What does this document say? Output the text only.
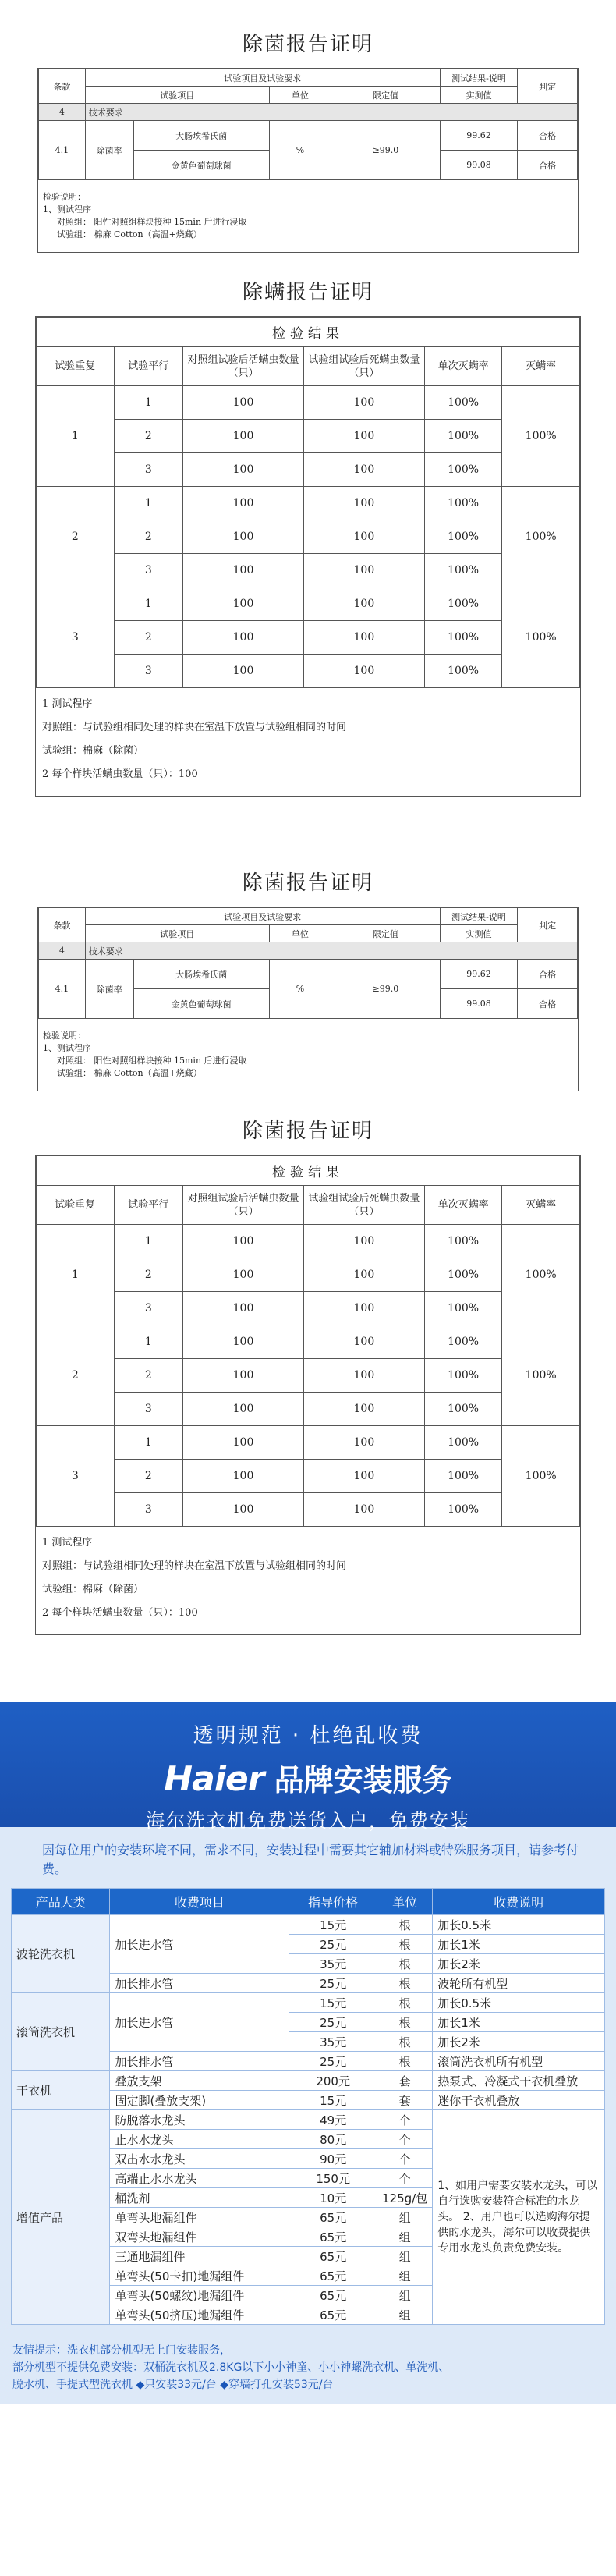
除菌报告证明
条款	试验项目及试验要求				测试结果-说明	判定
	试验项目		单位	限定值	实测值	
4	技术要求					
4.1	除菌率	大肠埃希氏菌	%	≥99.0	99.62	合格
		金黄色葡萄球菌			99.08	合格
检验说明：
1、测试程序
对照组： 阳性对照组样块接种 15min 后进行浸取
试验组： 棉麻 Cotton（高温+烧藏）
除螨报告证明
检验结果					
试验重复	试验平行	对照组试验后活螨虫数量（只）	试验组试验后死螨虫数量（只）	单次灭螨率	灭螨率
1	1	100	100	100%	100%
	2	100	100	100%	
	3	100	100	100%	
2	1	100	100	100%	100%
	2	100	100	100%	
	3	100	100	100%	
3	1	100	100	100%	100%
	2	100	100	100%	
	3	100	100	100%	
1 测试程序
对照组：与试验组相同处理的样块在室温下放置与试验组相同的时间
试验组：棉麻（除菌）
2 每个样块活螨虫数量（只）：100
除菌报告证明
条款	试验项目及试验要求				测试结果-说明	判定
	试验项目		单位	限定值	实测值	
4	技术要求					
4.1	除菌率	大肠埃希氏菌	%	≥99.0	99.62	合格
		金黄色葡萄球菌			99.08	合格
检验说明：
1、测试程序
对照组： 阳性对照组样块接种 15min 后进行浸取
试验组： 棉麻 Cotton（高温+烧藏）
除菌报告证明
检验结果					
试验重复	试验平行	对照组试验后活螨虫数量（只）	试验组试验后死螨虫数量（只）	单次灭螨率	灭螨率
1	1	100	100	100%	100%
	2	100	100	100%	
	3	100	100	100%	
2	1	100	100	100%	100%
	2	100	100	100%	
	3	100	100	100%	
3	1	100	100	100%	100%
	2	100	100	100%	
	3	100	100	100%	
1 测试程序
对照组：与试验组相同处理的样块在室温下放置与试验组相同的时间
试验组：棉麻（除菌）
2 每个样块活螨虫数量（只）：100
透明规范 · 杜绝乱收费
Haier 品牌安装服务
海尔洗衣机免费送货入户，免费安装
因每位用户的安装环境不同，需求不同，安装过程中需要其它辅加材料或特殊服务项目，请参考付费。
产品大类	收费项目	指导价格	单位	收费说明
波轮洗衣机	加长进水管	15元	根	加长0.5米
		25元	根	加长1米
		35元	根	加长2米
	加长排水管	25元	根	波轮所有机型
滚筒洗衣机	加长进水管	15元	根	加长0.5米
		25元	根	加长1米
		35元	根	加长2米
	加长排水管	25元	根	滚筒洗衣机所有机型
干衣机	叠放支架	200元	套	热泵式、冷凝式干衣机叠放
	固定脚(叠放支架)	15元	套	迷你干衣机叠放
增值产品	防脱落水龙头	49元	个	1、如用户需要安装水龙头，可以自行选购安装符合标准的水龙头。 2、用户也可以选购海尔提供的水龙头，海尔可以收费提供专用水龙头负责免费安装。
	止水水龙头	80元	个	
	双出水水龙头	90元	个	
	高端止水水龙头	150元	个	
	桶洗剂	10元	125g/包	
	单弯头地漏组件	65元	组	
	双弯头地漏组件	65元	组	
	三通地漏组件	65元	组	
	单弯头(50卡扣)地漏组件	65元	组	
	单弯头(50螺纹)地漏组件	65元	组	
	单弯头(50挤压)地漏组件	65元	组	
友情提示：洗衣机部分机型无上门安装服务，
部分机型不提供免费安装：双桶洗衣机及2.8KG以下小小神童、小小神螺洗衣机、单洗机、
脱水机、手提式型洗衣机 ◆只安装33元/台 ◆穿墙打孔安装53元/台
